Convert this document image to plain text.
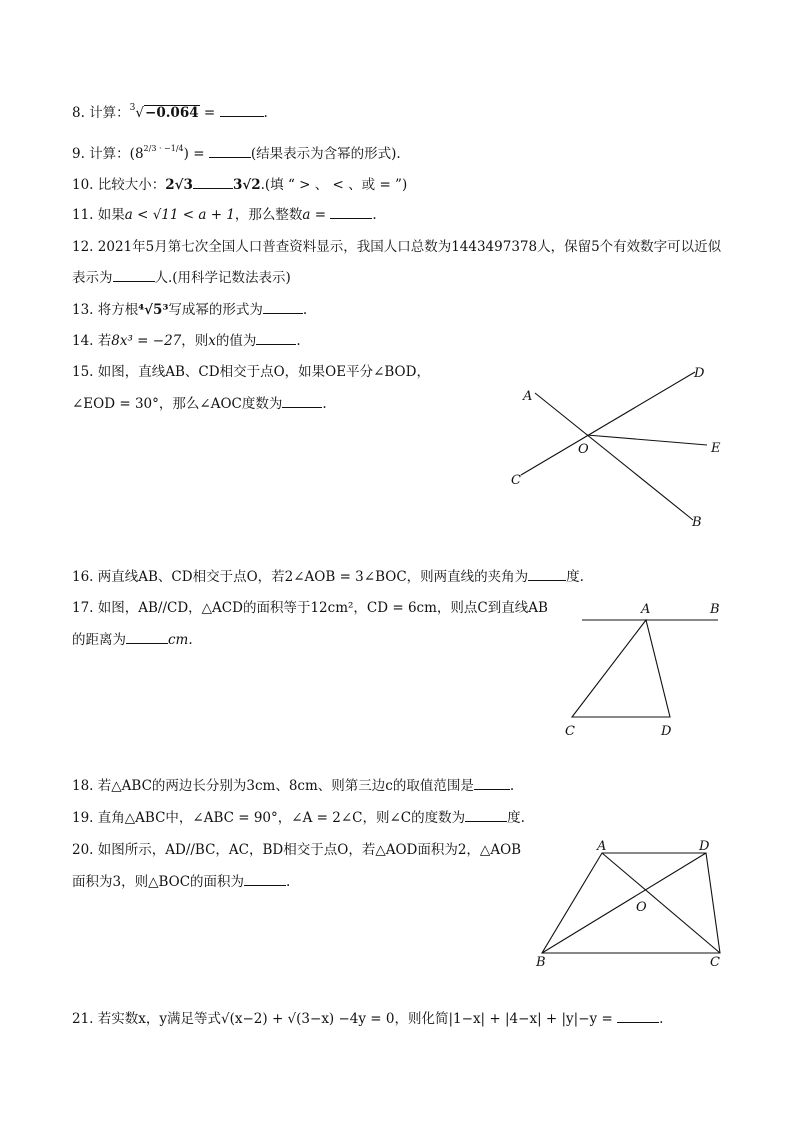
8. 计算：$^3$√−0.064 =	.
9. 计算：$(8^{2/3 \cdot -1/4})$ =	(结果表示为含幂的形式).
10. 比较大小：2√3	3√2.(填 “ > 、 < 、或 = ”)
11. 如果a < √11 < a + 1，那么整数a =	.
12. 2021年5月第七次全国人口普查资料显示，我国人口总数为1443497378人，保留5个有效数字可以近似
表示为	人.(用科学记数法表示)
13. 将方根⁴√5³写成幂的形式为	.
14. 若8x³ = −27，则x的值为	.
15. 如图，直线AB、CD相交于点O，如果OE平分∠BOD，
∠EOD = 30°，那么∠AOC度数为	.	A
B
C
D
E
O
16. 两直线AB、CD相交于点O，若2∠AOB = 3∠BOC，则两直线的夹角为	度.
17. 如图，AB//CD，△ACD的面积等于12cm²，CD = 6cm，则点C到直线AB
的距离为	cm.
A	B
C	D
18. 若△ABC的两边长分别为3cm、8cm、则第三边c的取值范围是	.
19. 直角△ABC中，∠ABC = 90°，∠A = 2∠C，则∠C的度数为	度.
20. 如图所示，AD//BC，AC，BD相交于点O，若△AOD面积为2，△AOB
面积为3，则△BOC的面积为	.
A	D
B	C
O
21. 若实数x，y满足等式√(x−2) + √(3−x) −4y = 0，则化简|1−x| + |4−x| + |y|−y =	.
